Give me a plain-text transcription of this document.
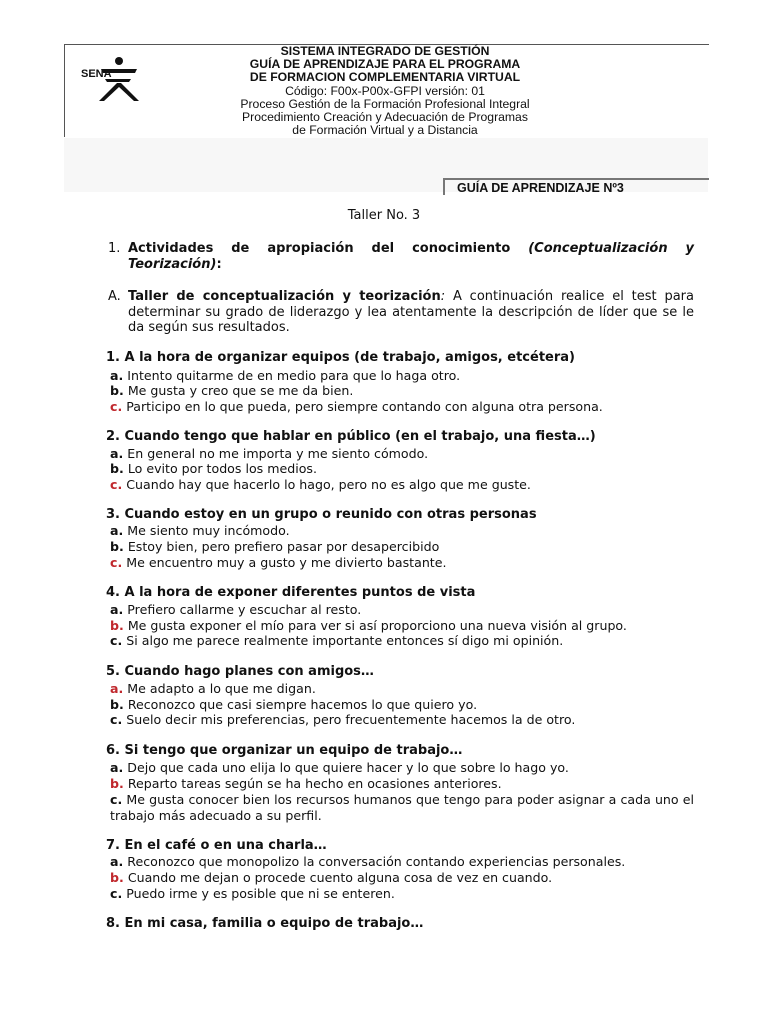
SENA
SISTEMA INTEGRADO DE GESTIÓN
GUÍA DE APRENDIZAJE PARA EL PROGRAMA
DE FORMACION COMPLEMENTARIA VIRTUAL
Código: F00x-P00x-GFPI versión: 01
Proceso Gestión de la Formación Profesional Integral
Procedimiento Creación y Adecuación de Programas
de Formación Virtual y a Distancia
GUÍA DE APRENDIZAJE Nº3
Taller No. 3
1. Actividades de apropiación del conocimiento (Conceptualización y Teorización):
A. Taller de conceptualización y teorización: A continuación realice el test para determinar su grado de liderazgo y lea atentamente la descripción de líder que se le da según sus resultados.
1. A la hora de organizar equipos (de trabajo, amigos, etcétera)
a. Intento quitarme de en medio para que lo haga otro.
b. Me gusta y creo que se me da bien.
c. Participo en lo que pueda, pero siempre contando con alguna otra persona.
2. Cuando tengo que hablar en público (en el trabajo, una fiesta…)
a. En general no me importa y me siento cómodo.
b. Lo evito por todos los medios.
c. Cuando hay que hacerlo lo hago, pero no es algo que me guste.
3. Cuando estoy en un grupo o reunido con otras personas
a. Me siento muy incómodo.
b. Estoy bien, pero prefiero pasar por desapercibido
c. Me encuentro muy a gusto y me divierto bastante.
4. A la hora de exponer diferentes puntos de vista
a. Prefiero callarme y escuchar al resto.
b. Me gusta exponer el mío para ver si así proporciono una nueva visión al grupo.
c. Si algo me parece realmente importante entonces sí digo mi opinión.
5. Cuando hago planes con amigos…
a. Me adapto a lo que me digan.
b. Reconozco que casi siempre hacemos lo que quiero yo.
c. Suelo decir mis preferencias, pero frecuentemente hacemos la de otro.
6. Si tengo que organizar un equipo de trabajo…
a. Dejo que cada uno elija lo que quiere hacer y lo que sobre lo hago yo.
b. Reparto tareas según se ha hecho en ocasiones anteriores.
c. Me gusta conocer bien los recursos humanos que tengo para poder asignar a cada uno el trabajo más adecuado a su perfil.
7. En el café o en una charla…
a. Reconozco que monopolizo la conversación contando experiencias personales.
b. Cuando me dejan o procede cuento alguna cosa de vez en cuando.
c. Puedo irme y es posible que ni se enteren.
8. En mi casa, familia o equipo de trabajo…
